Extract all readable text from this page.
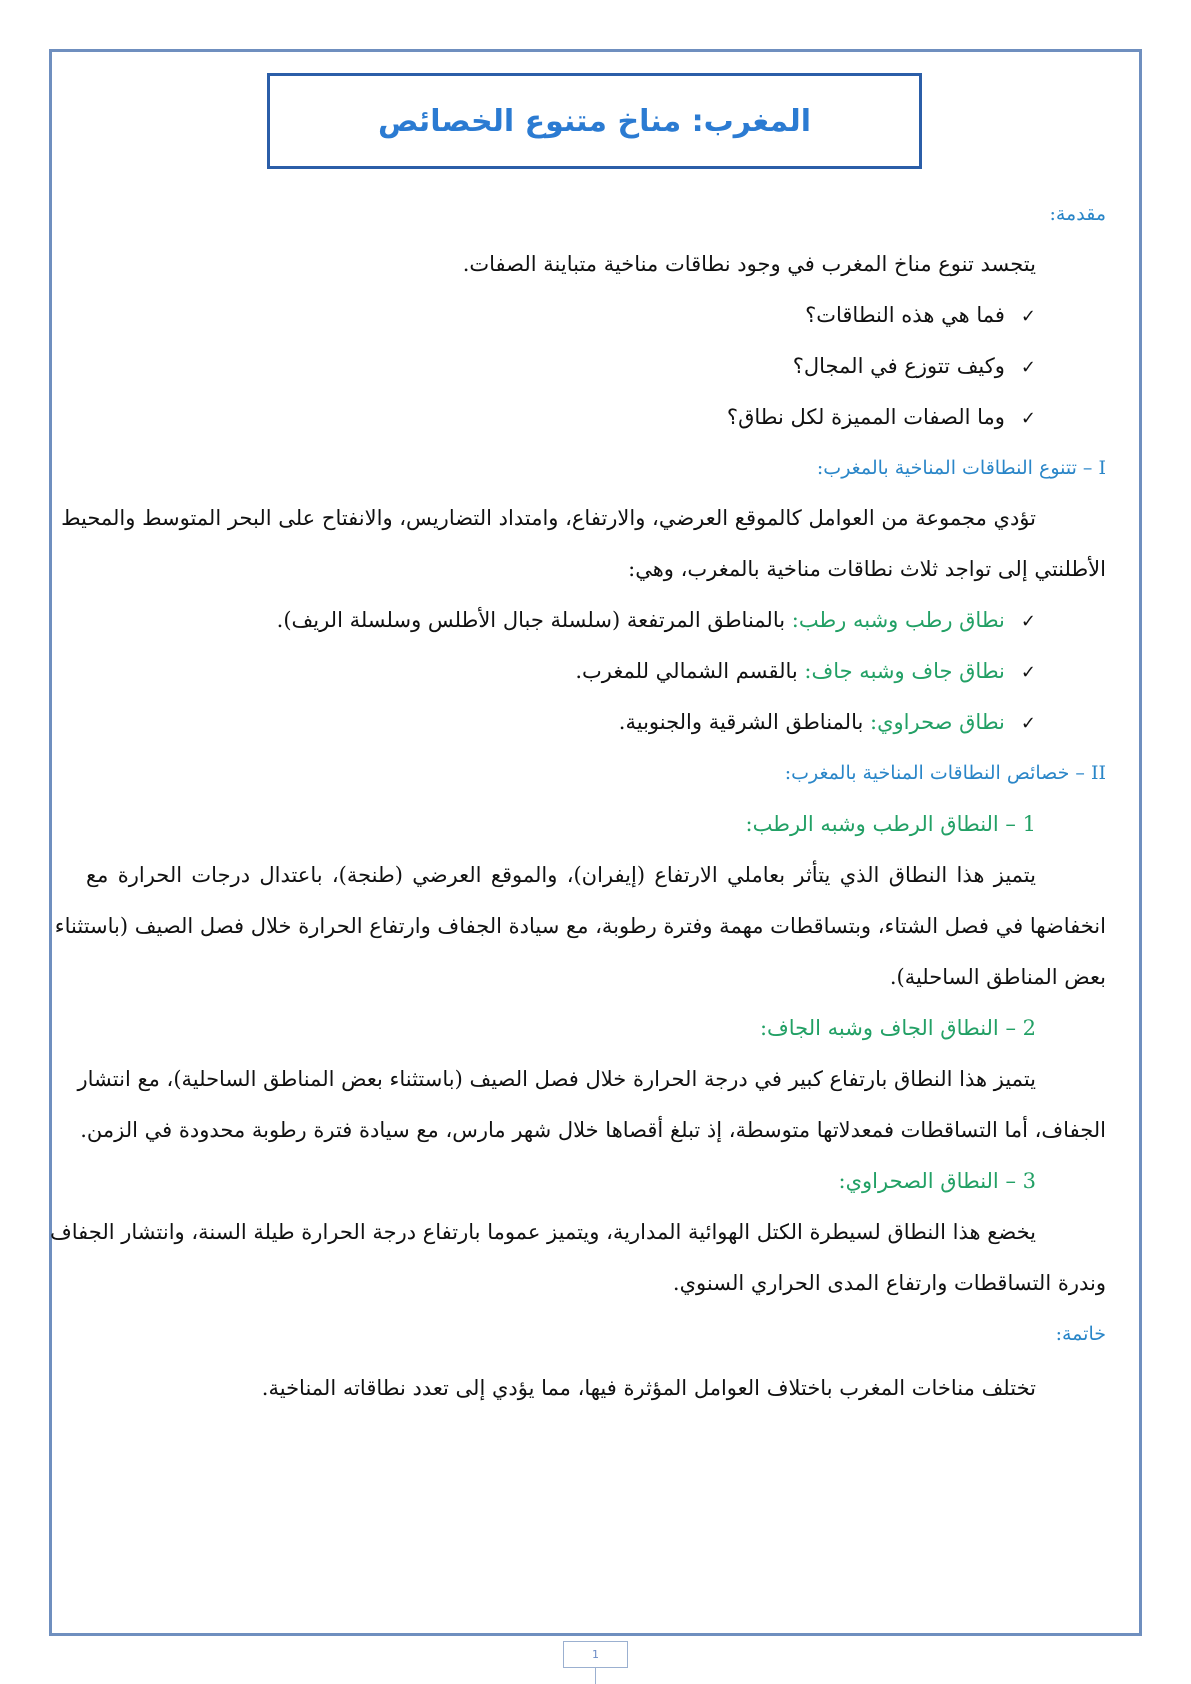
المغرب: مناخ متنوع الخصائص
مقدمة:
يتجسد تنوع مناخ المغرب في وجود نطاقات مناخية متباينة الصفات.
✓فما هي هذه النطاقات؟
✓وكيف تتوزع في المجال؟
✓وما الصفات المميزة لكل نطاق؟
I – تتنوع النطاقات المناخية بالمغرب:
تؤدي مجموعة من العوامل كالموقع العرضي، والارتفاع، وامتداد التضاريس، والانفتاح على البحر المتوسط والمحيط
الأطلنتي إلى تواجد ثلاث نطاقات مناخية بالمغرب، وهي:
✓نطاق رطب وشبه رطب: بالمناطق المرتفعة (سلسلة جبال الأطلس وسلسلة الريف).
✓نطاق جاف وشبه جاف: بالقسم الشمالي للمغرب.
✓نطاق صحراوي: بالمناطق الشرقية والجنوبية.
II – خصائص النطاقات المناخية بالمغرب:
1 – النطاق الرطب وشبه الرطب:
يتميز هذا النطاق الذي يتأثر بعاملي الارتفاع (إيفران)، والموقع العرضي (طنجة)، باعتدال درجات الحرارة مع
انخفاضها في فصل الشتاء، وبتساقطات مهمة وفترة رطوبة، مع سيادة الجفاف وارتفاع الحرارة خلال فصل الصيف (باستثناء
بعض المناطق الساحلية).
2 – النطاق الجاف وشبه الجاف:
يتميز هذا النطاق بارتفاع كبير في درجة الحرارة خلال فصل الصيف (باستثناء بعض المناطق الساحلية)، مع انتشار
الجفاف، أما التساقطات فمعدلاتها متوسطة، إذ تبلغ أقصاها خلال شهر مارس، مع سيادة فترة رطوبة محدودة في الزمن.
3 – النطاق الصحراوي:
يخضع هذا النطاق لسيطرة الكتل الهوائية المدارية، ويتميز عموما بارتفاع درجة الحرارة طيلة السنة، وانتشار الجفاف
وندرة التساقطات وارتفاع المدى الحراري السنوي.
خاتمة:
تختلف مناخات المغرب باختلاف العوامل المؤثرة فيها، مما يؤدي إلى تعدد نطاقاته المناخية.
1
